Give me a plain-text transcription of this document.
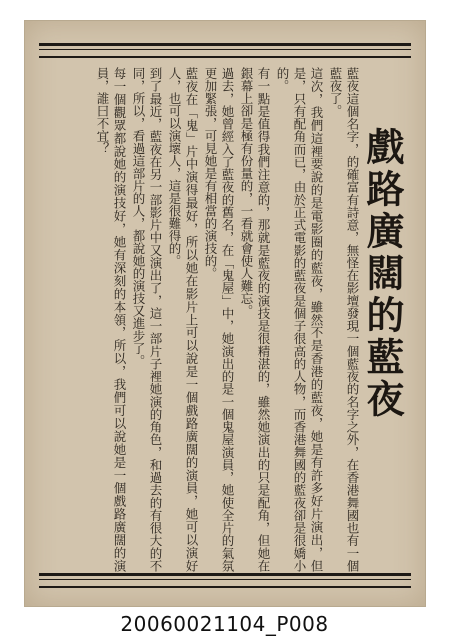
戲路廣闊的藍夜

藍夜這個名字，的確富有詩意，無怪在影壇發現一個藍夜的名字之外，在香港舞國也有一個藍夜了。

這次，我們這裡要說的是電影圈的藍夜，雖然不是香港的藍夜，她是有許多好片演出，但是，只有配角而已，由於正式電影的藍夜是個子很高的人物，而香港舞國的藍夜卻是很嬌小的。

有一點是值得我們注意的，那就是藍夜的演技是很精湛的，雖然她演出的只是配角，但她在銀幕上卻是極有份量的，一看就會使人難忘。

過去，她曾經入了藍夜的舊名，在「鬼屋」中，她演出的是一個鬼屋演員，她使全片的氣氛更加緊張，可見她是有相當的演技的。

藍夜在「鬼」片中演得最好，所以她在影片上可以說是一個戲路廣闊的演員，她可以演好人，也可以演壞人，這是很難得的。

到了最近，藍夜在另一部影片中又演出了，這一部片子裡她演的角色，和過去的有很大的不同，所以，看過這部片的人，都說她的演技又進步了。

每一個觀眾都說她的演技好，她有深刻的本領，所以，我們可以說她是一個戲路廣闊的演員，誰曰不宜？

20060021104_P008
